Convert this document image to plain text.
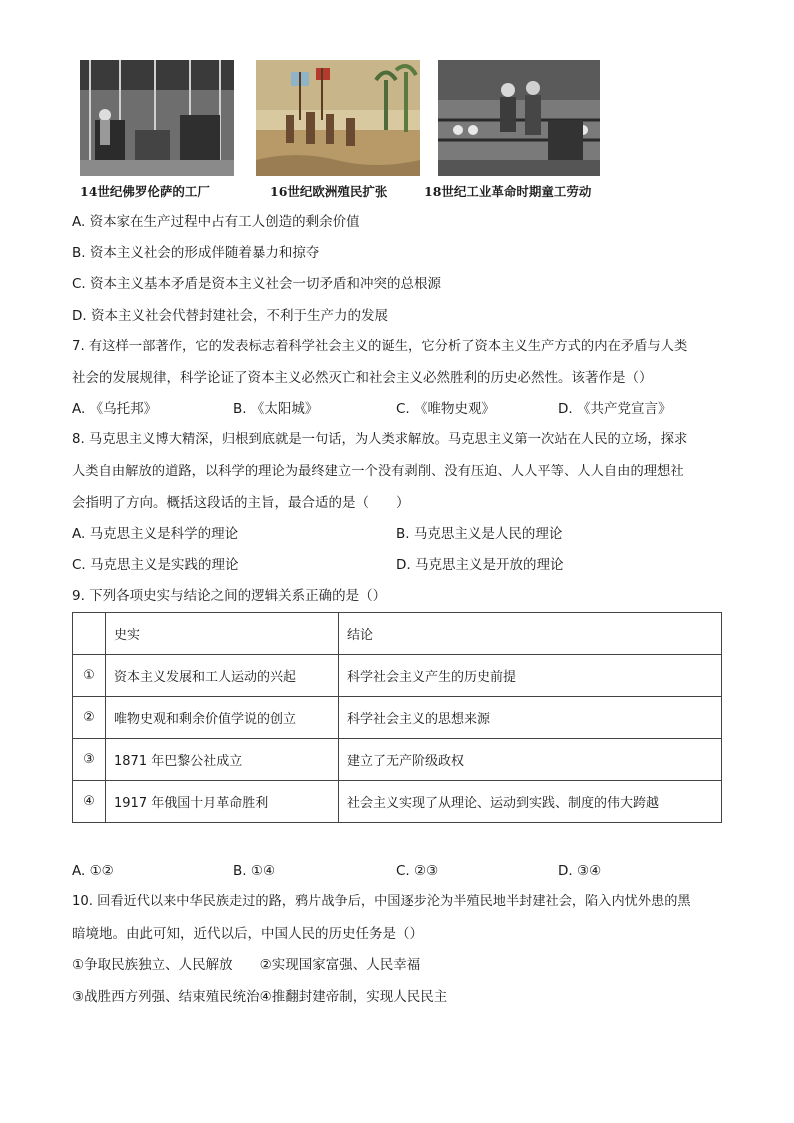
14世纪佛罗伦萨的工厂	16世纪欧洲殖民扩张	18世纪工业革命时期童工劳动
A. 资本家在生产过程中占有工人创造的剩余价值
B. 资本主义社会的形成伴随着暴力和掠夺
C. 资本主义基本矛盾是资本主义社会一切矛盾和冲突的总根源
D. 资本主义社会代替封建社会，不利于生产力的发展
7. 有这样一部著作，它的发表标志着科学社会主义的诞生，它分析了资本主义生产方式的内在矛盾与人类
社会的发展规律，科学论证了资本主义必然灭亡和社会主义必然胜利的历史必然性。该著作是（）
A. 《乌托邦》	B. 《太阳城》	C. 《唯物史观》	D. 《共产党宣言》
8. 马克思主义博大精深，归根到底就是一句话，为人类求解放。马克思主义第一次站在人民的立场，探求
人类自由解放的道路，以科学的理论为最终建立一个没有剥削、没有压迫、人人平等、人人自由的理想社
会指明了方向。概括这段话的主旨，最合适的是（　　）
A. 马克思主义是科学的理论	B. 马克思主义是人民的理论
C. 马克思主义是实践的理论	D. 马克思主义是开放的理论
9. 下列各项史实与结论之间的逻辑关系正确的是（）
	史实	结论
①	资本主义发展和工人运动的兴起	科学社会主义产生的历史前提
②	唯物史观和剩余价值学说的创立	科学社会主义的思想来源
③	1871 年巴黎公社成立	建立了无产阶级政权
④	1917 年俄国十月革命胜利	社会主义实现了从理论、运动到实践、制度的伟大跨越
A. ①②	B. ①④	C. ②③	D. ③④
10. 回看近代以来中华民族走过的路，鸦片战争后，中国逐步沦为半殖民地半封建社会，陷入内忧外患的黑
暗境地。由此可知，近代以后，中国人民的历史任务是（）
①争取民族独立、人民解放　　②实现国家富强、人民幸福
③战胜西方列强、结束殖民统治④推翻封建帝制，实现人民民主
